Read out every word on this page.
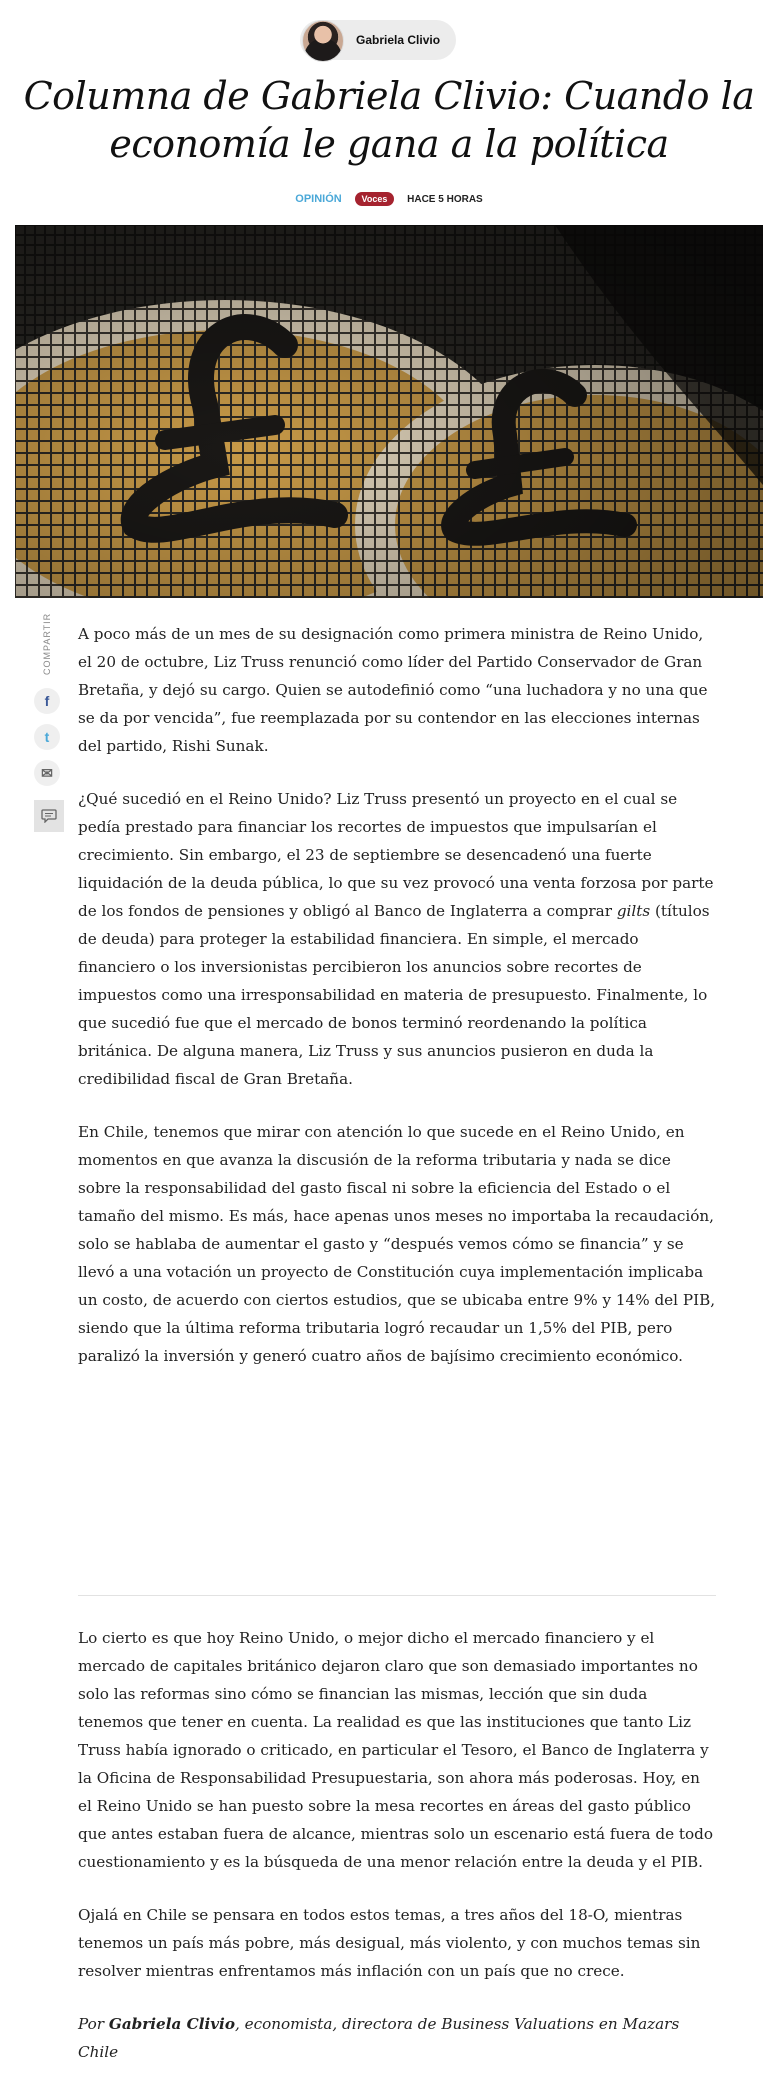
Gabriela Clivio
Columna de Gabriela Clivio: Cuando la economía le gana a la política
OPINIÓN Voces HACE 5 HORAS
COMPARTIR
f
t
✉

A poco más de un mes de su designación como primera ministra de Reino Unido, el 20 de octubre, Liz Truss renunció como líder del Partido Conservador de Gran Bretaña, y dejó su cargo. Quien se autodefinió como “una luchadora y no una que se da por vencida”, fue reemplazada por su contendor en las elecciones internas del partido, Rishi Sunak.

¿Qué sucedió en el Reino Unido? Liz Truss presentó un proyecto en el cual se pedía prestado para financiar los recortes de impuestos que impulsarían el crecimiento. Sin embargo, el 23 de septiembre se desencadenó una fuerte liquidación de la deuda pública, lo que su vez provocó una venta forzosa por parte de los fondos de pensiones y obligó al Banco de Inglaterra a comprar gilts (títulos de deuda) para proteger la estabilidad financiera. En simple, el mercado financiero o los inversionistas percibieron los anuncios sobre recortes de impuestos como una irresponsabilidad en materia de presupuesto. Finalmente, lo que sucedió fue que el mercado de bonos terminó reordenando la política británica. De alguna manera, Liz Truss y sus anuncios pusieron en duda la credibilidad fiscal de Gran Bretaña.

En Chile, tenemos que mirar con atención lo que sucede en el Reino Unido, en momentos en que avanza la discusión de la reforma tributaria y nada se dice sobre la responsabilidad del gasto fiscal ni sobre la eficiencia del Estado o el tamaño del mismo. Es más, hace apenas unos meses no importaba la recaudación, solo se hablaba de aumentar el gasto y “después vemos cómo se financia” y se llevó a una votación un proyecto de Constitución cuya implementación implicaba un costo, de acuerdo con ciertos estudios, que se ubicaba entre 9% y 14% del PIB, siendo que la última reforma tributaria logró recaudar un 1,5% del PIB, pero paralizó la inversión y generó cuatro años de bajísimo crecimiento económico.

Lo cierto es que hoy Reino Unido, o mejor dicho el mercado financiero y el mercado de capitales británico dejaron claro que son demasiado importantes no solo las reformas sino cómo se financian las mismas, lección que sin duda tenemos que tener en cuenta. La realidad es que las instituciones que tanto Liz Truss había ignorado o criticado, en particular el Tesoro, el Banco de Inglaterra y la Oficina de Responsabilidad Presupuestaria, son ahora más poderosas. Hoy, en el Reino Unido se han puesto sobre la mesa recortes en áreas del gasto público que antes estaban fuera de alcance, mientras solo un escenario está fuera de todo cuestionamiento y es la búsqueda de una menor relación entre la deuda y el PIB.

Ojalá en Chile se pensara en todos estos temas, a tres años del 18-O, mientras tenemos un país más pobre, más desigual, más violento, y con muchos temas sin resolver mientras enfrentamos más inflación con un país que no crece.

Por Gabriela Clivio, economista, directora de Business Valuations en Mazars Chile
